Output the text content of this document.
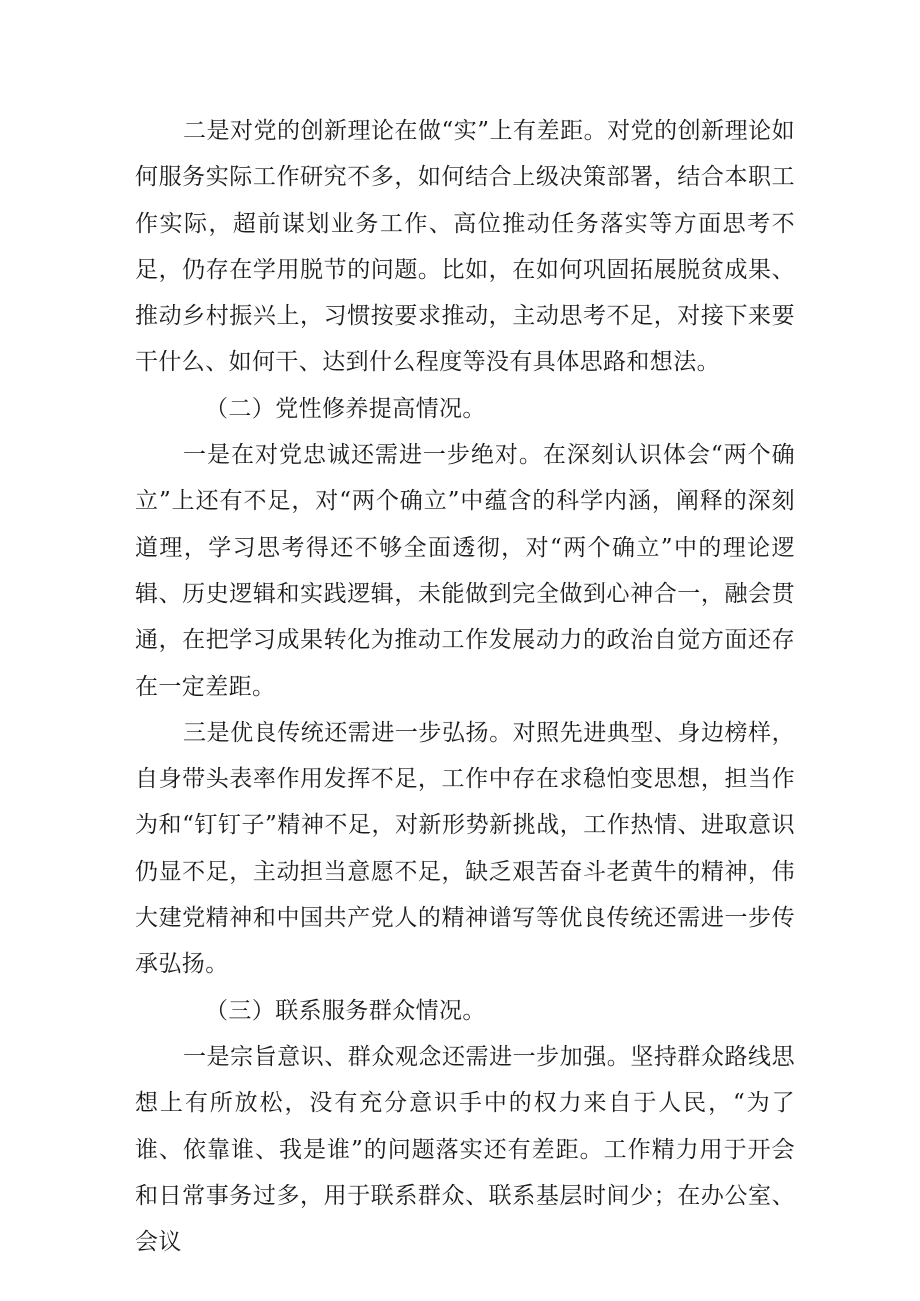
二是对党的创新理论在做“实”上有差距。对党的创新理论如何服务实际工作研究不多，如何结合上级决策部署，结合本职工作实际，超前谋划业务工作、高位推动任务落实等方面思考不足，仍存在学用脱节的问题。比如，在如何巩固拓展脱贫成果、推动乡村振兴上，习惯按要求推动，主动思考不足，对接下来要干什么、如何干、达到什么程度等没有具体思路和想法。

（二）党性修养提高情况。

一是在对党忠诚还需进一步绝对。在深刻认识体会“两个确立”上还有不足，对“两个确立”中蕴含的科学内涵，阐释的深刻道理，学习思考得还不够全面透彻，对“两个确立”中的理论逻辑、历史逻辑和实践逻辑，未能做到完全做到心神合一，融会贯通，在把学习成果转化为推动工作发展动力的政治自觉方面还存在一定差距。

三是优良传统还需进一步弘扬。对照先进典型、身边榜样，自身带头表率作用发挥不足，工作中存在求稳怕变思想，担当作为和“钉钉子”精神不足，对新形势新挑战，工作热情、进取意识仍显不足，主动担当意愿不足，缺乏艰苦奋斗老黄牛的精神，伟大建党精神和中国共产党人的精神谱写等优良传统还需进一步传承弘扬。

（三）联系服务群众情况。

一是宗旨意识、群众观念还需进一步加强。坚持群众路线思想上有所放松，没有充分意识手中的权力来自于人民，“为了谁、依靠谁、我是谁”的问题落实还有差距。工作精力用于开会和日常事务过多，用于联系群众、联系基层时间少；在办公室、会议
